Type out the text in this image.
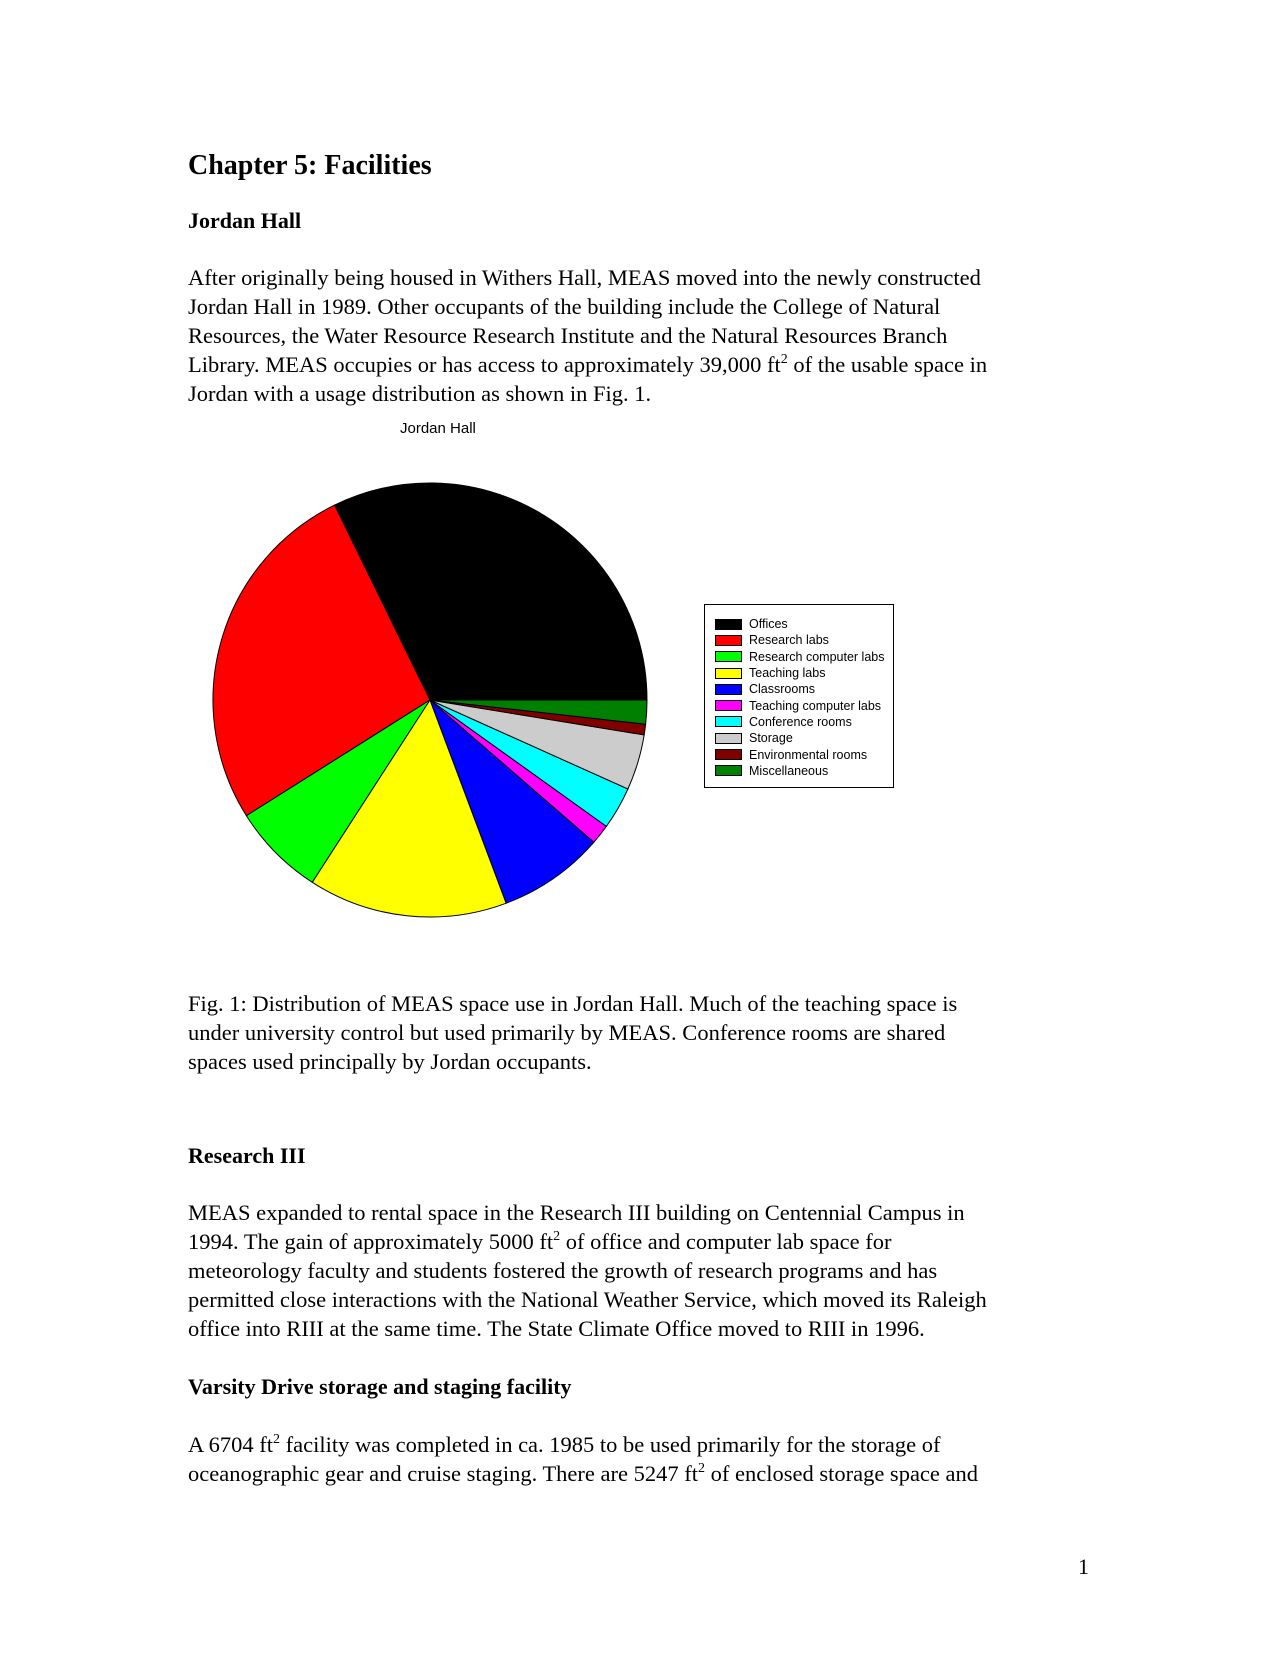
Chapter 5: Facilities
Jordan Hall

After originally being housed in Withers Hall, MEAS moved into the newly constructed
Jordan Hall in 1989. Other occupants of the building include the College of Natural
Resources, the Water Resource Research Institute and the Natural Resources Branch
Library. MEAS occupies or has access to approximately 39,000 $ft^2$ of the usable space in
Jordan with a usage distribution as shown in Fig. 1.

Jordan Hall
Offices
Research labs
Research computer labs
Teaching labs
Classrooms
Teaching computer labs
Conference rooms
Storage
Environmental rooms
Miscellaneous

Fig. 1: Distribution of MEAS space use in Jordan Hall. Much of the teaching space is
under university control but used primarily by MEAS. Conference rooms are shared
spaces used principally by Jordan occupants.

Research III

MEAS expanded to rental space in the Research III building on Centennial Campus in
1994. The gain of approximately 5000 $ft^2$ of office and computer lab space for
meteorology faculty and students fostered the growth of research programs and has
permitted close interactions with the National Weather Service, which moved its Raleigh
office into RIII at the same time. The State Climate Office moved to RIII in 1996.

Varsity Drive storage and staging facility

A 6704 $ft^2$ facility was completed in ca. 1985 to be used primarily for the storage of
oceanographic gear and cruise staging. There are 5247 $ft^2$ of enclosed storage space and

1
